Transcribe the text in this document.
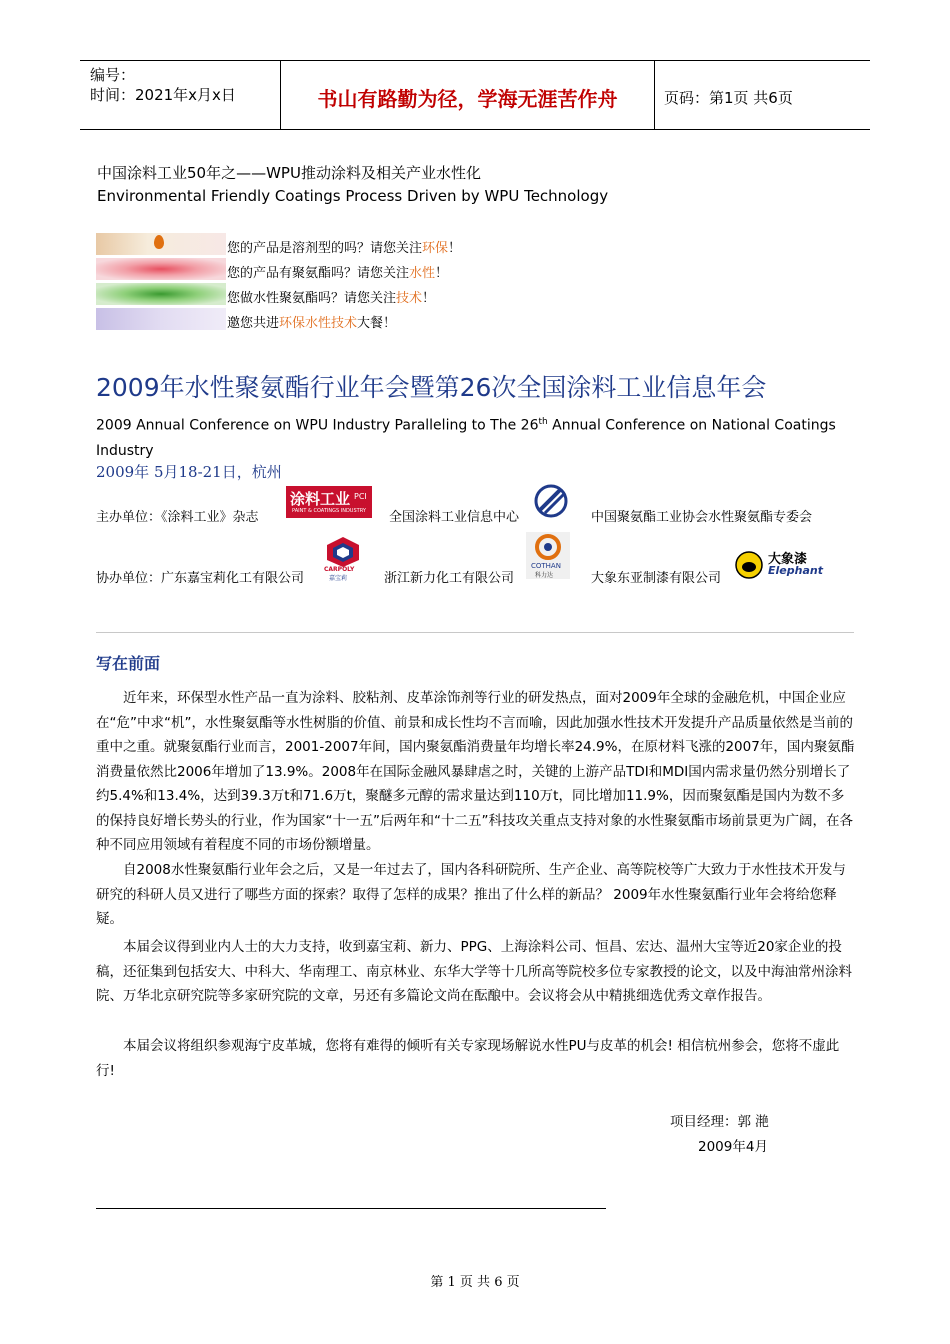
编号：
时间：2021年x月x日	书山有路勤为径，学海无涯苦作舟	页码：第1页 共6页
中国涂料工业50年之——WPU推动涂料及相关产业水性化
Environmental Friendly Coatings Process Driven by WPU Technology
您的产品是溶剂型的吗？请您关注环保！
您的产品有聚氨酯吗？请您关注水性！
您做水性聚氨酯吗？请您关注技术！
邀您共进环保水性技术大餐！
2009年水性聚氨酯行业年会暨第26次全国涂料工业信息年会
2009 Annual Conference on WPU Industry Paralleling to The 26th Annual Conference on National Coatings Industry
2009年 5月18-21日，杭州
主办单位：《涂料工业》杂志
涂料工业 PCI
PAINT & COATINGS INDUSTRY 全国涂料工业信息中心	中国聚氨酯工业协会水性聚氨酯专委会
协办单位：广东嘉宝莉化工有限公司
CARPOLY
嘉宝莉	浙江新力化工有限公司
COTHAN
科力达	大象东亚制漆有限公司
大象漆
Elephant
写在前面

近年来，环保型水性产品一直为涂料、胶粘剂、皮革涂饰剂等行业的研发热点，面对2009年全球的金融危机，中国企业应在“危”中求“机”，水性聚氨酯等水性树脂的价值、前景和成长性均不言而喻，因此加强水性技术开发提升产品质量依然是当前的重中之重。就聚氨酯行业而言，2001-2007年间，国内聚氨酯消费量年均增长率24.9%，在原材料飞涨的2007年，国内聚氨酯消费量依然比2006年增加了13.9%。2008年在国际金融风暴肆虐之时，关键的上游产品TDI和MDI国内需求量仍然分别增长了约5.4%和13.4%，达到39.3万t和71.6万t，聚醚多元醇的需求量达到110万t，同比增加11.9%，因而聚氨酯是国内为数不多的保持良好增长势头的行业，作为国家“十一五”后两年和“十二五”科技攻关重点支持对象的水性聚氨酯市场前景更为广阔，在各种不同应用领域有着程度不同的市场份额增量。

自2008水性聚氨酯行业年会之后，又是一年过去了，国内各科研院所、生产企业、高等院校等广大致力于水性技术开发与研究的科研人员又进行了哪些方面的探索？取得了怎样的成果？推出了什么样的新品？ 2009年水性聚氨酯行业年会将给您释疑。

本届会议得到业内人士的大力支持，收到嘉宝莉、新力、PPG、上海涂料公司、恒昌、宏达、温州大宝等近20家企业的投稿，还征集到包括安大、中科大、华南理工、南京林业、东华大学等十几所高等院校多位专家教授的论文，以及中海油常州涂料院、万华北京研究院等多家研究院的文章，另还有多篇论文尚在酝酿中。会议将会从中精挑细选优秀文章作报告。

本届会议将组织参观海宁皮革城，您将有难得的倾听有关专家现场解说水性PU与皮革的机会! 相信杭州参会，您将不虚此行!

项目经理：郭 滟
2009年4月
第 1 页 共 6 页
